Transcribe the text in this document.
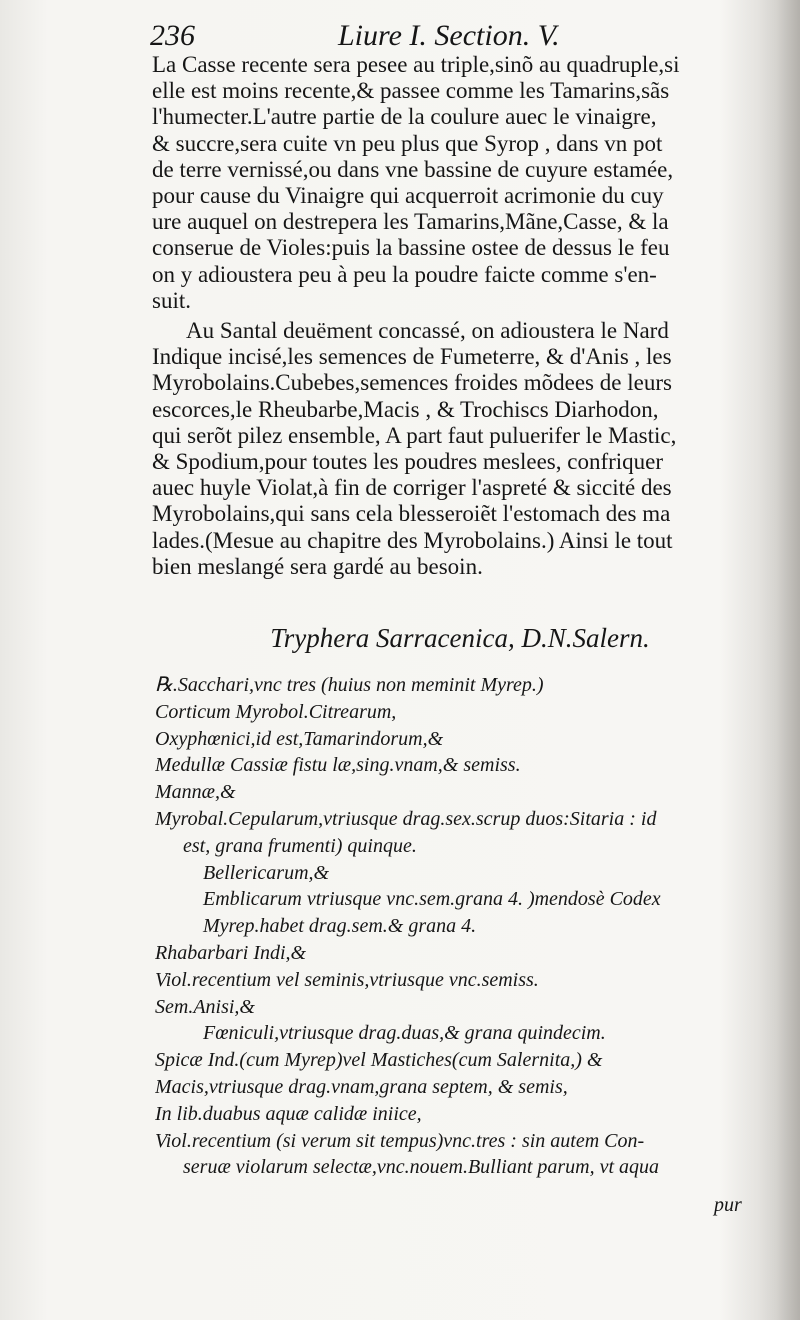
236	Liure I. Section. V.
La Casse recente sera pesee au triple,sinõ au quadruple,si
elle est moins recente,& passee comme les Tamarins,sãs
l'humecter.L'autre partie de la coulure auec le vinaigre,
& succre,sera cuite vn peu plus que Syrop , dans vn pot
de terre vernissé,ou dans vne bassine de cuyure estamée,
pour cause du Vinaigre qui acquerroit acrimonie du cuy
ure auquel on destrepera les Tamarins,Mãne,Casse, & la
conserue de Violes:puis la bassine ostee de dessus le feu
on y adioustera peu à peu la poudre faicte comme s'en-
suit.
Au Santal deuëment concassé, on adioustera le Nard
Indique incisé,les semences de Fumeterre, & d'Anis , les
Myrobolains.Cubebes,semences froides mõdees de leurs
escorces,le Rheubarbe,Macis , & Trochiscs Diarhodon,
qui serõt pilez ensemble, A part faut puluerifer le Mastic,
& Spodium,pour toutes les poudres meslees, confriquer
auec huyle Violat,à fin de corriger l'aspreté & siccité des
Myrobolains,qui sans cela blesseroiẽt l'estomach des ma
lades.(Mesue au chapitre des Myrobolains.) Ainsi le tout
bien meslangé sera gardé au besoin.
Tryphera Sarracenica, D.N.Salern.
℞.Sacchari,vnc tres (huius non meminit Myrep.)
Corticum Myrobol.Citrearum,
Oxyphœnici,id est,Tamarindorum,&
Medullæ Cassiæ fistu læ,sing.vnam,& semiss.
Mannæ,&
Myrobal.Cepularum,vtriusque drag.sex.scrup duos:Sitaria : id
est, grana frumenti) quinque.
Bellericarum,&
Emblicarum vtriusque vnc.sem.grana 4. )mendosè Codex
Myrep.habet drag.sem.& grana 4.
Rhabarbari Indi,&
Viol.recentium vel seminis,vtriusque vnc.semiss.
Sem.Anisi,&
Fœniculi,vtriusque drag.duas,& grana quindecim.
Spicæ Ind.(cum Myrep)vel Mastiches(cum Salernita,) &
Macis,vtriusque drag.vnam,grana septem, & semis,
In lib.duabus aquæ calidæ iniice,
Viol.recentium (si verum sit tempus)vnc.tres : sin autem Con-
seruæ violarum selectæ,vnc.nouem.Bulliant parum, vt aqua
pur
